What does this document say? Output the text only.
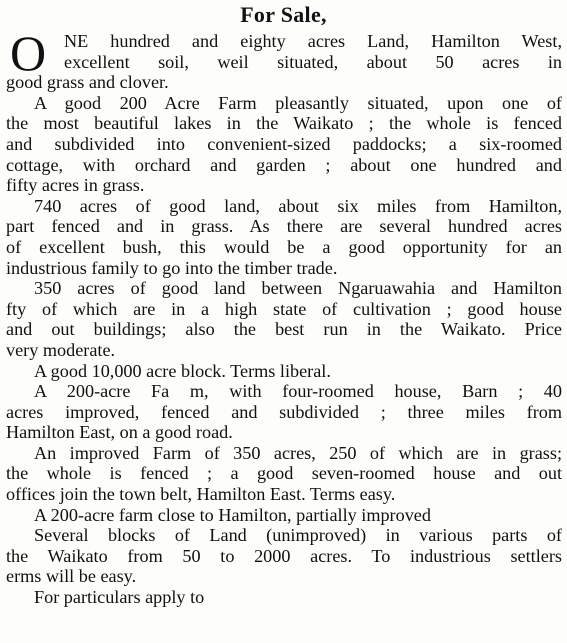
For Sale,
O NE hundred and eighty acres Land, Hamilton West,
excellent soil, weil situated, about 50 acres in
good grass and clover.
A good 200 Acre Farm pleasantly situated, upon one of
the most beautiful lakes in the Waikato ; the whole is fenced
and subdivided into convenient-sized paddocks; a six-roomed
cottage, with orchard and garden ; about one hundred and
fifty acres in grass.
740 acres of good land, about six miles from Hamilton,
part fenced and in grass. As there are several hundred acres
of excellent bush, this would be a good opportunity for an
industrious family to go into the timber trade.
350 acres of good land between Ngaruawahia and Hamilton
fty of which are in a high state of cultivation ; good house
and out buildings; also the best run in the Waikato. Price
very moderate.
A good 10,000 acre block. Terms liberal.
A 200-acre Fa m, with four-roomed house, Barn ; 40
acres improved, fenced and subdivided ; three miles from
Hamilton East, on a good road.
An improved Farm of 350 acres, 250 of which are in grass;
the whole is fenced ; a good seven-roomed house and out
offices join the town belt, Hamilton East. Terms easy.
A 200-acre farm close to Hamilton, partially improved
Several blocks of Land (unimproved) in various parts of
the Waikato from 50 to 2000 acres. To industrious settlers
erms will be easy.
For particulars apply to
